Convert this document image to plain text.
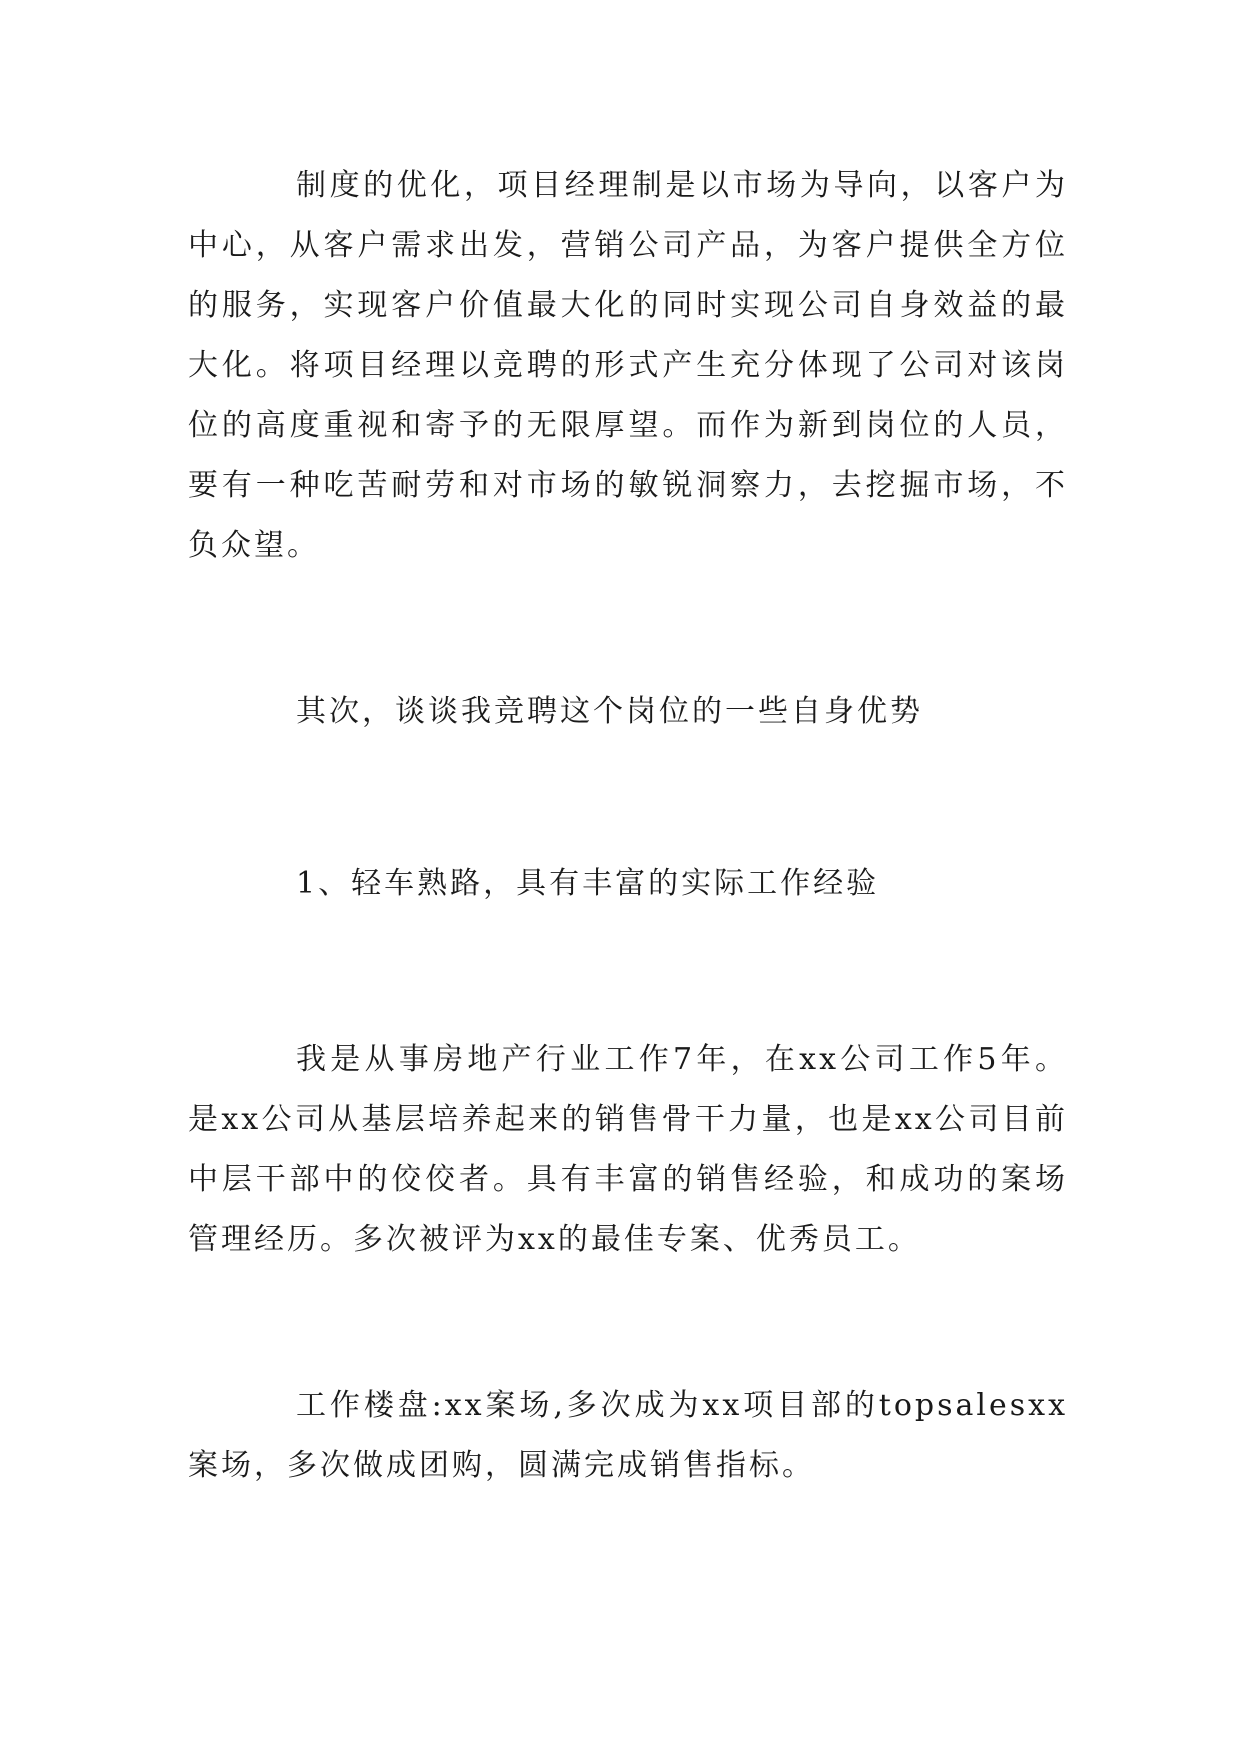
制度的优化，项目经理制是以市场为导向，以客户为中心，从客户需求出发，营销公司产品，为客户提供全方位的服务，实现客户价值最大化的同时实现公司自身效益的最大化。将项目经理以竞聘的形式产生充分体现了公司对该岗位的高度重视和寄予的无限厚望。而作为新到岗位的人员，要有一种吃苦耐劳和对市场的敏锐洞察力，去挖掘市场，不负众望。

其次，谈谈我竞聘这个岗位的一些自身优势

1、轻车熟路，具有丰富的实际工作经验

我是从事房地产行业工作7年，在xx公司工作5年。是xx公司从基层培养起来的销售骨干力量，也是xx公司目前中层干部中的佼佼者。具有丰富的销售经验，和成功的案场管理经历。多次被评为xx的最佳专案、优秀员工。

工作楼盘:xx案场,多次成为xx项目部的topsalesxx案场，多次做成团购，圆满完成销售指标。
